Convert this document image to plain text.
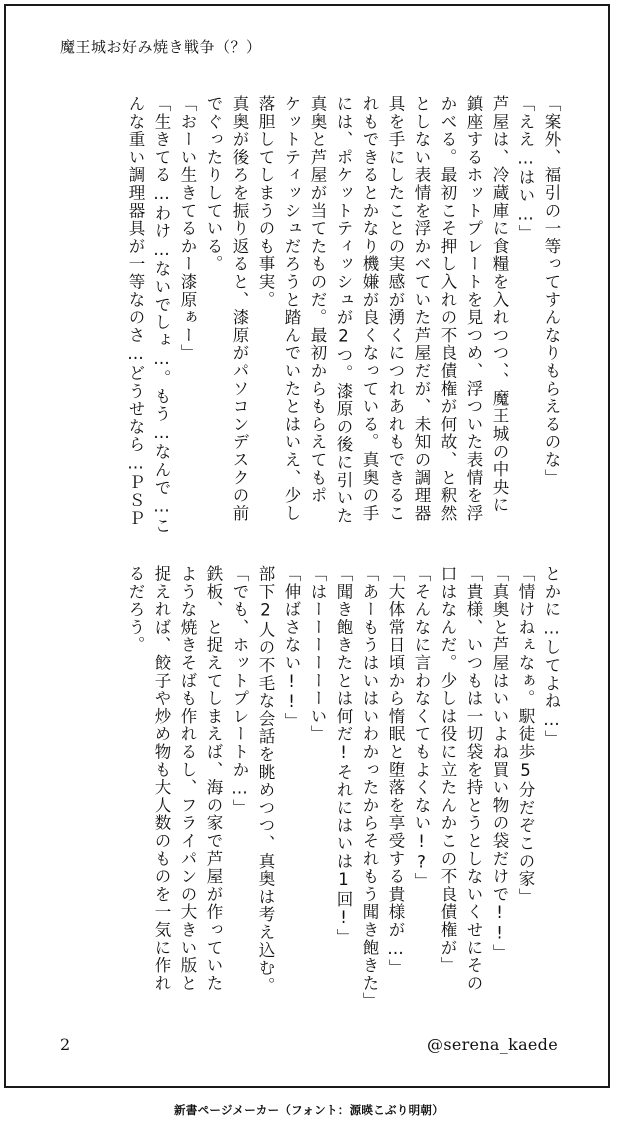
魔王城お好み焼き戦争（？）

「案外、福引の一等ってすんなりもらえるのな」

「ええ…はい…」

芦屋は、冷蔵庫に食糧を入れつつ、、魔王城の中央に

鎮座するホットプレートを見つめ、浮ついた表情を浮

かべる。最初こそ押し入れの不良債権が何故、と釈然

としない表情を浮かべていた芦屋だが、未知の調理器

具を手にしたことの実感が湧くにつれあれもできるこ

れもできるとかなり機嫌が良くなっている。真奥の手

には、ポケットティッシュが2つ。漆原の後に引いた

真奥と芦屋が当てたものだ。最初からもらえてもポ

ケットティッシュだろうと踏んでいたとはいえ、少し

落胆してしまうのも事実。

真奥が後ろを振り返ると、漆原がパソコンデスクの前

でぐったりしている。

「おーい生きてるかー漆原ぁー」

「生きてる…わけ…ないでしょ…。もう…なんで…こ

んな重い調理器具が一等なのさ…どうせなら…ＰＳＰ

とかに…してよね…」

「情けねぇなぁ。駅徒歩5分だぞこの家」

「真奥と芦屋はいいよね買い物の袋だけで!!」

「貴様、いつもは一切袋を持とうとしないくせにその

口はなんだ。少しは役に立たんかこの不良債権が」

「そんなに言わなくてもよくない!?」

「大体常日頃から惰眠と堕落を享受する貴様が…」

「あーもうはいはいわかったからそれもう聞き飽きた」

「聞き飽きたとは何だ!それにはいは1回!」

「はーーーーーーい」

「伸ばさない!!」

部下2人の不毛な会話を眺めつつ、真奥は考え込む。

「でも、ホットプレートか…」

鉄板、と捉えてしまえば、海の家で芦屋が作っていた

ような焼きそばも作れるし、フライパンの大きい版と

捉えれば、餃子や炒め物も大人数のものを一気に作れ

るだろう。

2	@serena_kaede
新書ページメーカー（フォント：源暎こぶり明朝）
